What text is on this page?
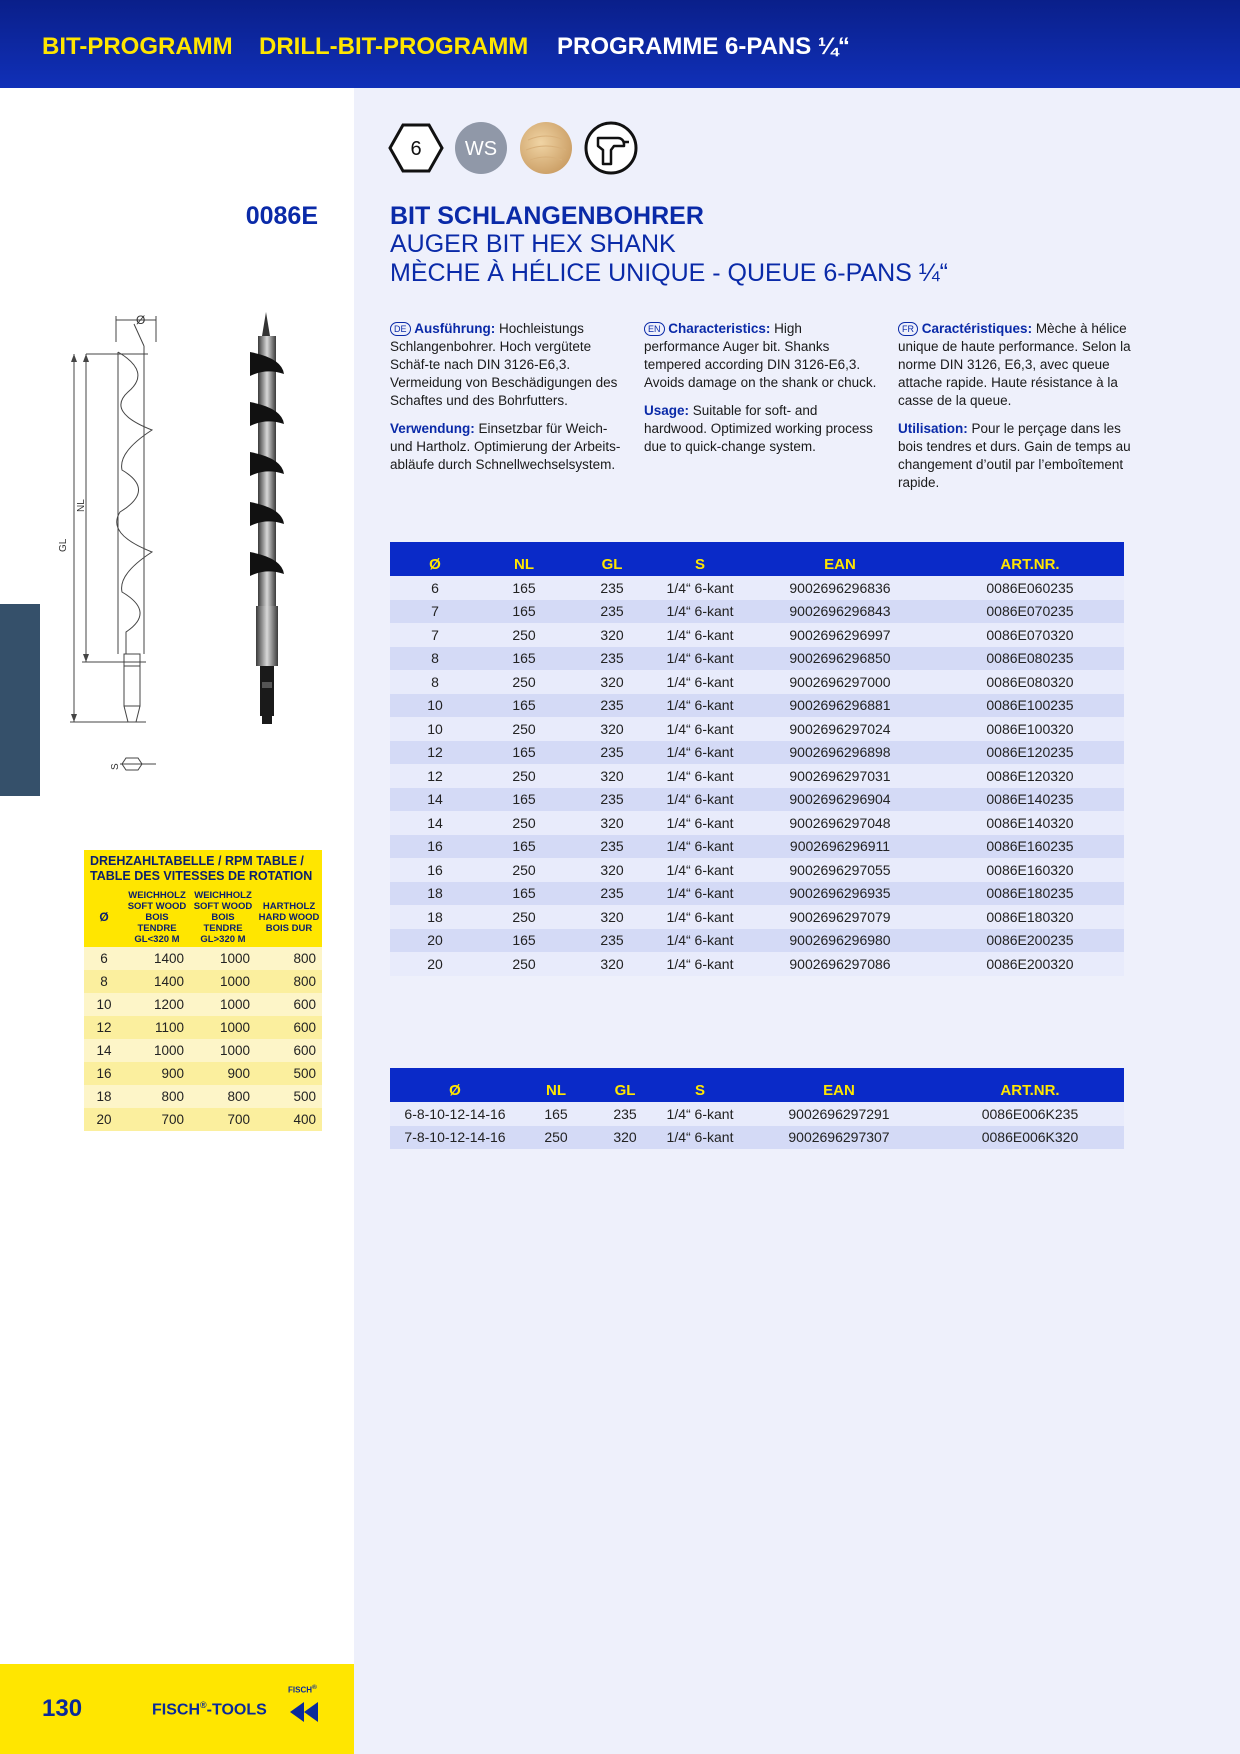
BIT-PROGRAMM DRILL-BIT-PROGRAMM PROGRAMME 6-PANS ¼“
6 WS
0086E	BIT SCHLANGENBOHRER
AUGER BIT HEX SHANK
MÈCHE À HÉLICE UNIQUE - QUEUE 6-PANS ¼“
Ø
GL
NL
S

DE Ausführung: Hochleistungs Schlangenbohrer. Hoch vergütete Schäf-te nach DIN 3126-E6,3. Vermeidung von Beschädigungen des Schaftes und des Bohrfutters.

Verwendung: Einsetzbar für Weich- und Hartholz. Optimierung der Arbeits-abläufe durch Schnellwechselsystem.

EN Characteristics: High performance Auger bit. Shanks tempered according DIN 3126-E6,3. Avoids damage on the shank or chuck.

Usage: Suitable for soft- and hardwood. Optimized working process due to quick-change system.

FR Caractéristiques: Mèche à hélice unique de haute performance. Selon la norme DIN 3126, E6,3, avec queue attache rapide. Haute résistance à la casse de la queue.

Utilisation: Pour le perçage dans les bois tendres et durs. Gain de temps au changement d’outil par l’emboîtement rapide.

Ø	NL	GL	S	EAN	ART.NR.
6	165	235	1/4“ 6-kant	9002696296836	0086E060235
7	165	235	1/4“ 6-kant	9002696296843	0086E070235
7	250	320	1/4“ 6-kant	9002696296997	0086E070320
8	165	235	1/4“ 6-kant	9002696296850	0086E080235
8	250	320	1/4“ 6-kant	9002696297000	0086E080320
10	165	235	1/4“ 6-kant	9002696296881	0086E100235
10	250	320	1/4“ 6-kant	9002696297024	0086E100320
12	165	235	1/4“ 6-kant	9002696296898	0086E120235
12	250	320	1/4“ 6-kant	9002696297031	0086E120320
14	165	235	1/4“ 6-kant	9002696296904	0086E140235
14	250	320	1/4“ 6-kant	9002696297048	0086E140320
16	165	235	1/4“ 6-kant	9002696296911	0086E160235
16	250	320	1/4“ 6-kant	9002696297055	0086E160320
18	165	235	1/4“ 6-kant	9002696296935	0086E180235
18	250	320	1/4“ 6-kant	9002696297079	0086E180320
20	165	235	1/4“ 6-kant	9002696296980	0086E200235
20	250	320	1/4“ 6-kant	9002696297086	0086E200320
Ø	NL	GL	S	EAN	ART.NR.
6-8-10-12-14-16	165	235	1/4“ 6-kant	9002696297291	0086E006K235
7-8-10-12-14-16	250	320	1/4“ 6-kant	9002696297307	0086E006K320
DREHZAHLTABELLE / RPM TABLE /
TABLE DES VITESSES DE ROTATION			
Ø	WEICHHOLZ
SOFT WOOD
BOIS TENDRE
GL<320 M	WEICHHOLZ
SOFT WOOD
BOIS TENDRE
GL>320 M	HARTHOLZ
HARD WOOD
BOIS DUR
6	1400	1000	800
8	1400	1000	800
10	1200	1000	600
12	1100	1000	600
14	1000	1000	600
16	900	900	500
18	800	800	500
20	700	700	400
130	FISCH®-TOOLS
FISCH®
